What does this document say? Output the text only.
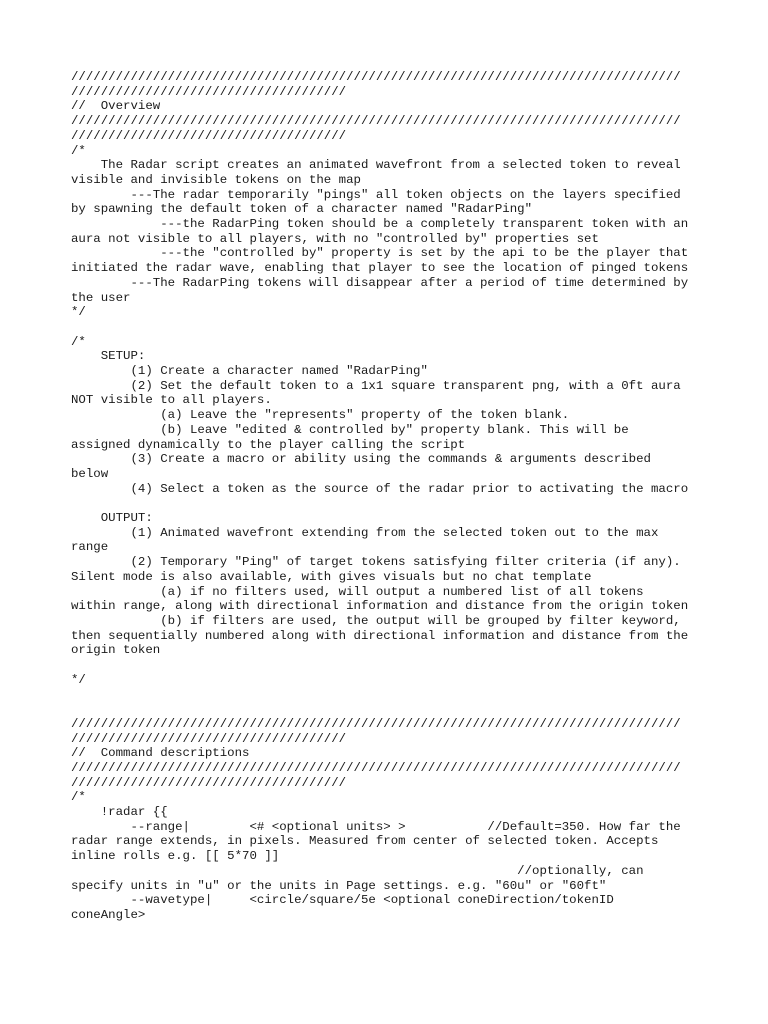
//////////////////////////////////////////////////////////////////////////////////
/////////////////////////////////////
//  Overview
//////////////////////////////////////////////////////////////////////////////////
/////////////////////////////////////
/*
The Radar script creates an animated wavefront from a selected token to reveal
visible and invisible tokens on the map
---The radar temporarily "pings" all token objects on the layers specified
by spawning the default token of a character named "RadarPing"
---the RadarPing token should be a completely transparent token with an
aura not visible to all players, with no "controlled by" properties set
---the "controlled by" property is set by the api to be the player that
initiated the radar wave, enabling that player to see the location of pinged tokens
---The RadarPing tokens will disappear after a period of time determined by
the user
*/
/*
SETUP:
(1) Create a character named "RadarPing"
(2) Set the default token to a 1x1 square transparent png, with a 0ft aura
NOT visible to all players.
(a) Leave the "represents" property of the token blank.
(b) Leave "edited & controlled by" property blank. This will be
assigned dynamically to the player calling the script
(3) Create a macro or ability using the commands & arguments described
below
(4) Select a token as the source of the radar prior to activating the macro
OUTPUT:
(1) Animated wavefront extending from the selected token out to the max
range
(2) Temporary "Ping" of target tokens satisfying filter criteria (if any).
Silent mode is also available, with gives visuals but no chat template
(a) if no filters used, will output a numbered list of all tokens
within range, along with directional information and distance from the origin token
(b) if filters are used, the output will be grouped by filter keyword,
then sequentially numbered along with directional information and distance from the
origin token
*/
//////////////////////////////////////////////////////////////////////////////////
/////////////////////////////////////
//  Command descriptions
//////////////////////////////////////////////////////////////////////////////////
/////////////////////////////////////
/*
!radar {{
--range|        <# <optional units> >           //Default=350. How far the
radar range extends, in pixels. Measured from center of selected token. Accepts
inline rolls e.g. [[ 5*70 ]]
//optionally, can
specify units in "u" or the units in Page settings. e.g. "60u" or "60ft"
--wavetype|     <circle/square/5e <optional coneDirection/tokenID
coneAngle>
